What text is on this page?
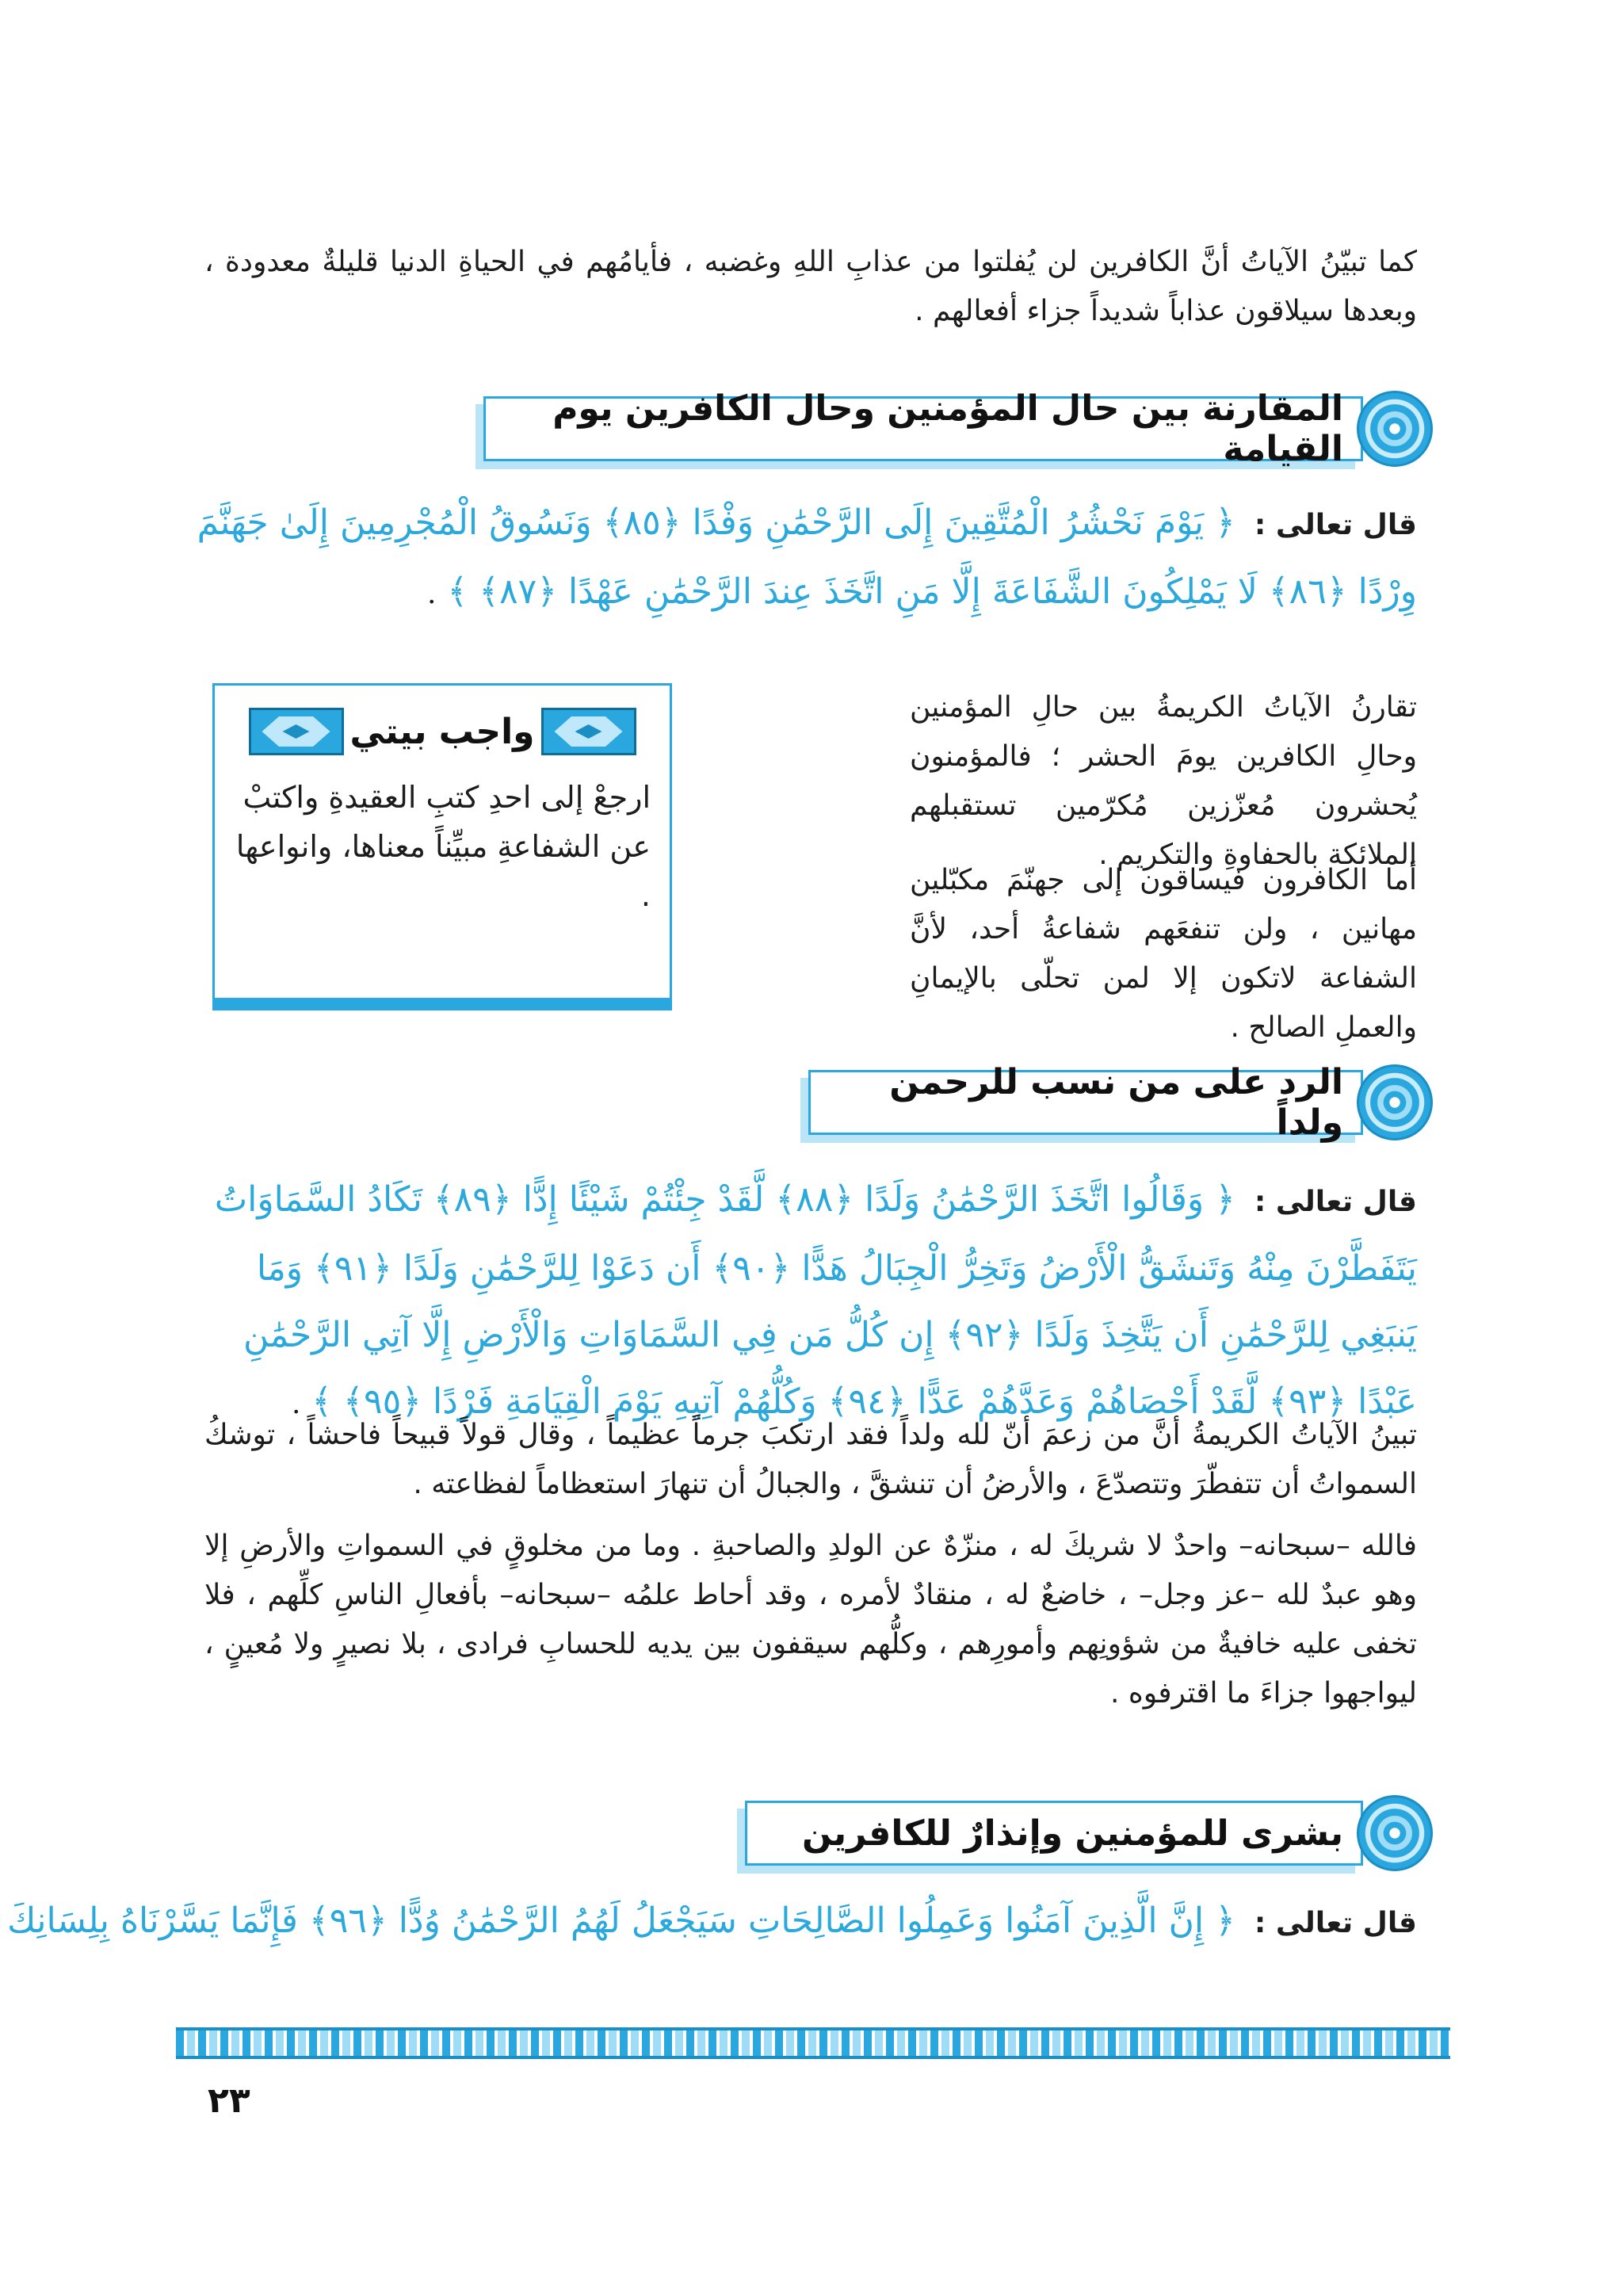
كما تبيّنُ الآياتُ أنَّ الكافرين لن يُفلتوا من عذابِ اللهِ وغضبه ، فأيامُهم في الحياةِ الدنيا قليلةٌ معدودة ، وبعدها سيلاقون عذاباً شديداً جزاء أفعالهم .
المقارنة بين حال المؤمنين وحال الكافرين يوم القيامة
قال تعالى : ﴿ يَوْمَ نَحْشُرُ الْمُتَّقِينَ إِلَى الرَّحْمَٰنِ وَفْدًا ﴿٨٥﴾ وَنَسُوقُ الْمُجْرِمِينَ إِلَىٰ جَهَنَّمَ وِرْدًا ﴿٨٦﴾ لَا يَمْلِكُونَ الشَّفَاعَةَ إِلَّا مَنِ اتَّخَذَ عِندَ الرَّحْمَٰنِ عَهْدًا ﴿٨٧﴾ ﴾ .
تقارنُ الآياتُ الكريمةُ بين حالِ المؤمنين وحالِ الكافرين يومَ الحشر ؛ فالمؤمنون يُحشرون مُعزّزين مُكرّمين تستقبلهم الملائكة بالحفاوةِ والتكريم .
أما الكافرون فيساقون إلى جهنّمَ مكبّلين مهانين ، ولن تنفعَهم شفاعةُ أحد، لأنَّ الشفاعة لاتكون إلا لمن تحلّى بالإيمانِ والعملِ الصالح .
واجب بيتي
ارجعْ إلى احدِ كتبِ العقيدةِ واكتبْ عن الشفاعةِ مبيِّناً معناها، وانواعها .
الرد على من نسب للرحمن ولداً
قال تعالى : ﴿ وَقَالُوا اتَّخَذَ الرَّحْمَٰنُ وَلَدًا ﴿٨٨﴾ لَّقَدْ جِئْتُمْ شَيْئًا إِدًّا ﴿٨٩﴾ تَكَادُ السَّمَاوَاتُ يَتَفَطَّرْنَ مِنْهُ وَتَنشَقُّ الْأَرْضُ وَتَخِرُّ الْجِبَالُ هَدًّا ﴿٩٠﴾ أَن دَعَوْا لِلرَّحْمَٰنِ وَلَدًا ﴿٩١﴾ وَمَا يَنبَغِي لِلرَّحْمَٰنِ أَن يَتَّخِذَ وَلَدًا ﴿٩٢﴾ إِن كُلُّ مَن فِي السَّمَاوَاتِ وَالْأَرْضِ إِلَّا آتِي الرَّحْمَٰنِ عَبْدًا ﴿٩٣﴾ لَّقَدْ أَحْصَاهُمْ وَعَدَّهُمْ عَدًّا ﴿٩٤﴾ وَكُلُّهُمْ آتِيهِ يَوْمَ الْقِيَامَةِ فَرْدًا ﴿٩٥﴾ ﴾ .
تبينُ الآياتُ الكريمةُ أنَّ من زعمَ أنّ لله ولداً فقد ارتكبَ جرماً عظيماً ، وقال قولاً قبيحاً فاحشاً ، توشكُ السمواتُ أن تتفطّرَ وتتصدّعَ ، والأرضُ أن تنشقَّ ، والجبالُ أن تنهارَ استعظاماً لفظاعته .
فالله –سبحانه– واحدٌ لا شريكَ له ، منزّهٌ عن الولدِ والصاحبةِ . وما من مخلوقٍ في السمواتِ والأرضِ إلا وهو عبدٌ لله –عز وجل– ، خاضعٌ له ، منقادٌ لأمره ، وقد أحاط علمُه –سبحانه– بأفعالِ الناسِ كلِّهم ، فلا تخفى عليه خافيةٌ من شؤونِهم وأمورِهم ، وكلُّهم سيقفون بين يديه للحسابِ فرادى ، بلا نصيرٍ ولا مُعينٍ ، ليواجهوا جزاءَ ما اقترفوه .
بشرى للمؤمنين وإنذارٌ للكافرين
قال تعالى : ﴿ إِنَّ الَّذِينَ آمَنُوا وَعَمِلُوا الصَّالِحَاتِ سَيَجْعَلُ لَهُمُ الرَّحْمَٰنُ وُدًّا ﴿٩٦﴾ فَإِنَّمَا يَسَّرْنَاهُ بِلِسَانِكَ
٢٣
